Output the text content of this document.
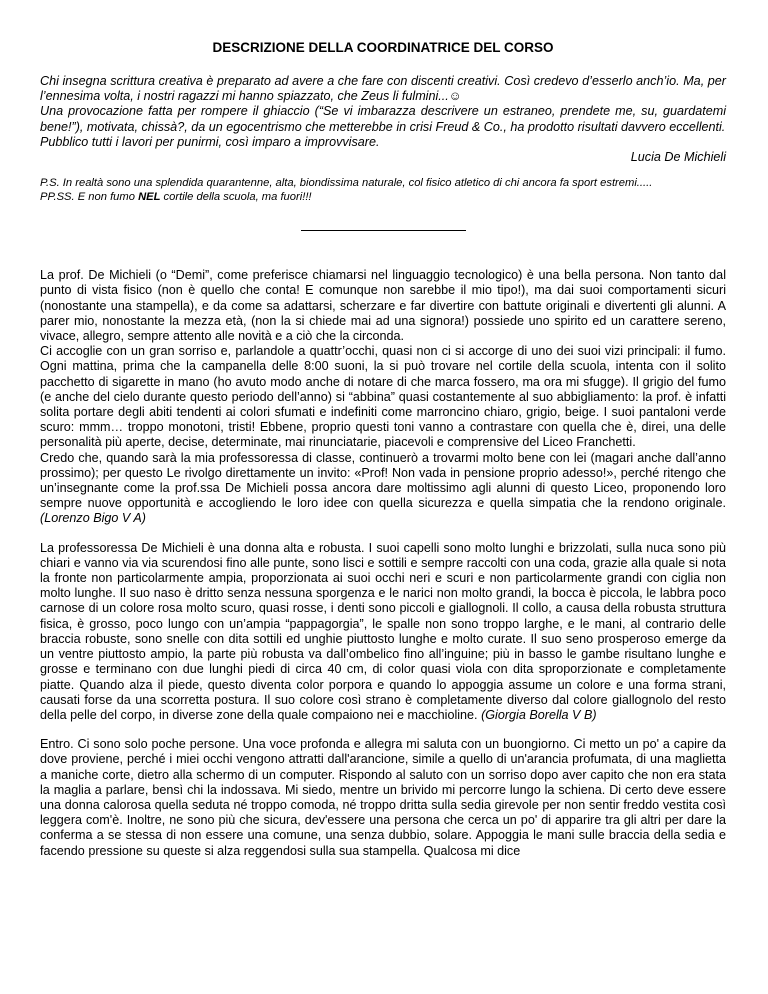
DESCRIZIONE DELLA COORDINATRICE DEL CORSO

Chi insegna scrittura creativa è preparato ad avere a che fare con discenti creativi. Così credevo d’esserlo anch’io. Ma, per l’ennesima volta, i nostri ragazzi mi hanno spiazzato, che Zeus li fulmini...☺

Una provocazione fatta per rompere il ghiaccio (“Se vi imbarazza descrivere un estraneo, prendete me, su, guardatemi bene!”), motivata, chissà?, da un egocentrismo che metterebbe in crisi Freud & Co., ha prodotto risultati davvero eccellenti.

Pubblico tutti i lavori per punirmi, così imparo a improvvisare.

Lucia De Michieli

P.S. In realtà sono una splendida quarantenne, alta, biondissima naturale, col fisico atletico di chi ancora fa sport estremi.....

PP.SS. E non fumo NEL cortile della scuola, ma fuori!!!

La prof. De Michieli (o “Demi”, come preferisce chiamarsi nel linguaggio tecnologico) è una bella persona. Non tanto dal punto di vista fisico (non è quello che conta! E comunque non sarebbe il mio tipo!), ma dai suoi comportamenti sicuri (nonostante una stampella), e da come sa adattarsi, scherzare e far divertire con battute originali e divertenti gli alunni. A parer mio, nonostante la mezza età, (non la si chiede mai ad una signora!) possiede uno spirito ed un carattere sereno, vivace, allegro, sempre attento alle novità e a ciò che la circonda.

Ci accoglie con un gran sorriso e, parlandole a quattr’occhi, quasi non ci si accorge di uno dei suoi vizi principali: il fumo. Ogni mattina, prima che la campanella delle 8:00 suoni, la si può trovare nel cortile della scuola, intenta con il solito pacchetto di sigarette in mano (ho avuto modo anche di notare di che marca fossero, ma ora mi sfugge). Il grigio del fumo (e anche del cielo durante questo periodo dell’anno) si “abbina” quasi costantemente al suo abbigliamento: la prof. è infatti solita portare degli abiti tendenti ai colori sfumati e indefiniti come marroncino chiaro, grigio, beige. I suoi pantaloni verde scuro: mmm… troppo monotoni, tristi! Ebbene, proprio questi toni vanno a contrastare con quella che è, direi, una delle personalità più aperte, decise, determinate, mai rinunciatarie, piacevoli e comprensive del Liceo Franchetti.

Credo che, quando sarà la mia professoressa di classe, continuerò a trovarmi molto bene con lei (magari anche dall’anno prossimo); per questo Le rivolgo direttamente un invito: «Prof! Non vada in pensione proprio adesso!», perché ritengo che un’insegnante come la prof.ssa De Michieli possa ancora dare moltissimo agli alunni di questo Liceo, proponendo loro sempre nuove opportunità e accogliendo le loro idee con quella sicurezza e quella simpatia che la rendono originale. (Lorenzo Bigo V A)

La professoressa De Michieli è una donna alta e robusta. I suoi capelli sono molto lunghi e brizzolati, sulla nuca sono più chiari e vanno via via scurendosi fino alle punte, sono lisci e sottili e sempre raccolti con una coda, grazie alla quale si nota la fronte non particolarmente ampia, proporzionata ai suoi occhi neri e scuri e non particolarmente grandi con ciglia non molto lunghe. Il suo naso è dritto senza nessuna sporgenza e le narici non molto grandi, la bocca è piccola, le labbra poco carnose di un colore rosa molto scuro, quasi rosse, i denti sono piccoli e giallognoli. Il collo, a causa della robusta struttura fisica, è grosso, poco lungo con un’ampia “pappagorgia”, le spalle non sono troppo larghe, e le mani, al contrario delle braccia robuste, sono snelle con dita sottili ed unghie piuttosto lunghe e molto curate. Il suo seno prosperoso emerge da un ventre piuttosto ampio, la parte più robusta va dall’ombelico fino all’inguine; più in basso le gambe risultano lunghe e grosse e terminano con due lunghi piedi di circa 40 cm, di color quasi viola con dita sproporzionate e completamente piatte. Quando alza il piede, questo diventa color porpora e quando lo appoggia assume un colore e una forma strani, causati forse da una scorretta postura. Il suo colore così strano è completamente diverso dal colore giallognolo del resto della pelle del corpo, in diverse zone della quale compaiono nei e macchioline. (Giorgia Borella V B)

Entro. Ci sono solo poche persone. Una voce profonda e allegra mi saluta con un buongiorno. Ci metto un po' a capire da dove proviene, perché i miei occhi vengono attratti dall'arancione, simile a quello di un'arancia profumata, di una maglietta a maniche corte, dietro alla schermo di un computer. Rispondo al saluto con un sorriso dopo aver capito che non era stata la maglia a parlare, bensì chi la indossava. Mi siedo, mentre un brivido mi percorre lungo la schiena. Di certo deve essere una donna calorosa quella seduta né troppo comoda, né troppo dritta sulla sedia girevole per non sentir freddo vestita così leggera com'è. Inoltre, ne sono più che sicura, dev'essere una persona che cerca un po' di apparire tra gli altri per dare la conferma a se stessa di non essere una comune, una senza dubbio, solare. Appoggia le mani sulle braccia della sedia e facendo pressione su queste si alza reggendosi sulla sua stampella. Qualcosa mi dice
